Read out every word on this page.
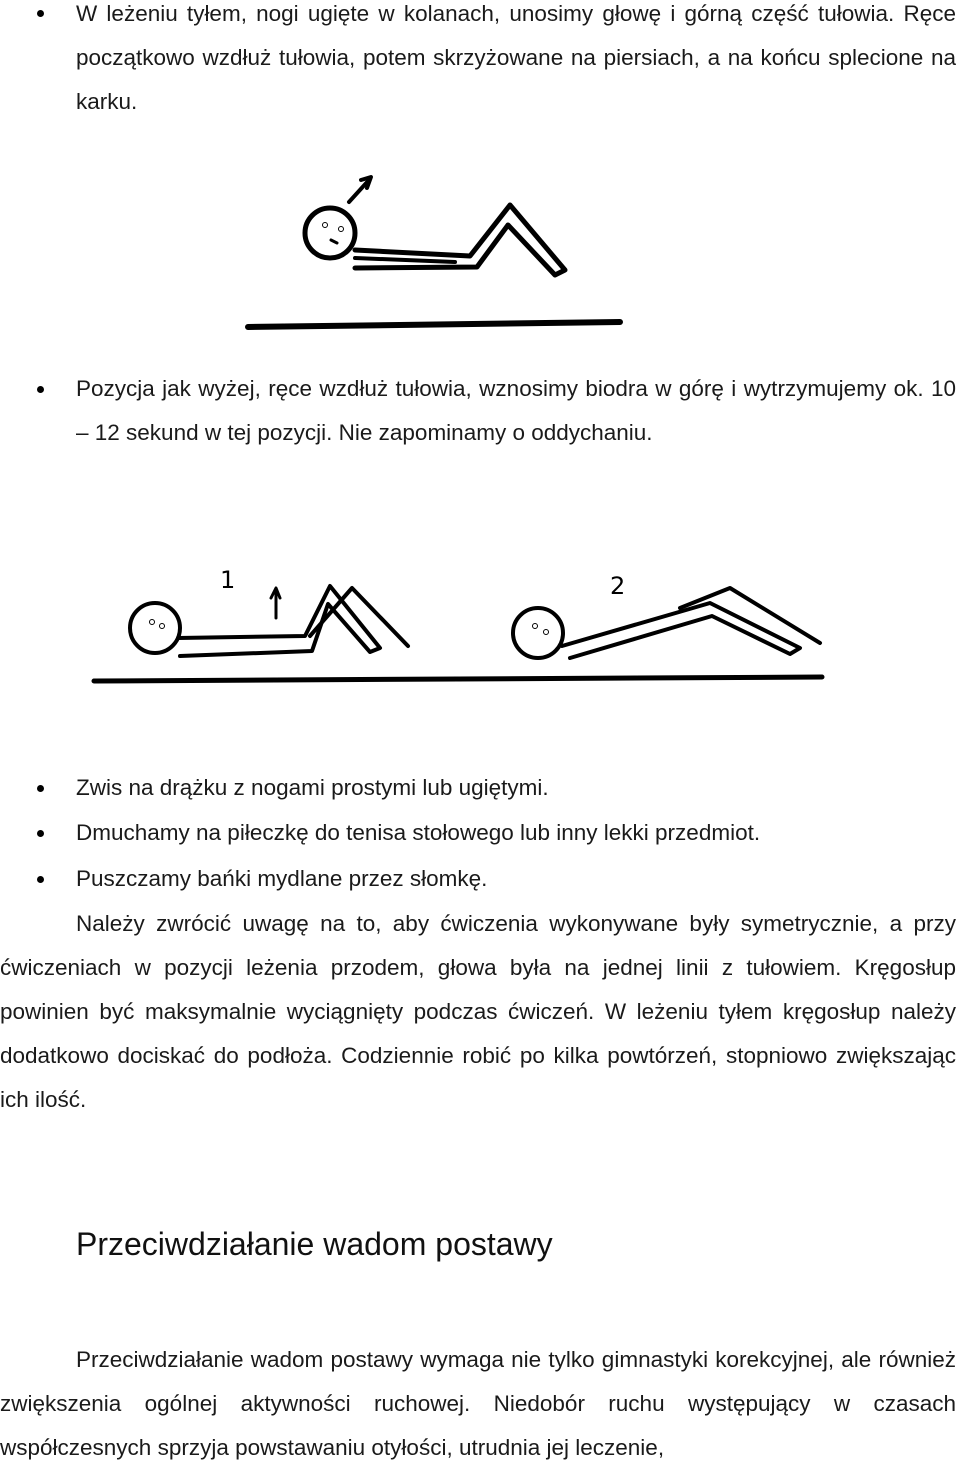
W leżeniu tyłem, nogi ugięte w kolanach, unosimy głowę i górną część tułowia. Ręce początkowo wzdłuż tułowia, potem skrzyżowane na piersiach, a na końcu splecione na karku.
Pozycja jak wyżej, ręce wzdłuż tułowia, wznosimy biodra w górę i wytrzymujemy ok. 10 – 12 sekund w tej pozycji. Nie zapominamy o oddychaniu.
1	2
Zwis na drążku z nogami prostymi lub ugiętymi.
Dmuchamy na piłeczkę do tenisa stołowego lub inny lekki przedmiot.
Puszczamy bańki mydlane przez słomkę.
Należy zwrócić uwagę na to, aby ćwiczenia wykonywane były symetrycznie, a przy ćwiczeniach w pozycji leżenia przodem, głowa była na jednej linii z tułowiem. Kręgosłup powinien być maksymalnie wyciągnięty podczas ćwiczeń. W leżeniu tyłem kręgosłup należy dodatkowo dociskać do podłoża. Codziennie robić po kilka powtórzeń, stopniowo zwiększając ich ilość.
Przeciwdziałanie wadom postawy
Przeciwdziałanie wadom postawy wymaga nie tylko gimnastyki korekcyjnej, ale również zwiększenia ogólnej aktywności ruchowej. Niedobór ruchu występujący w czasach współczesnych sprzyja powstawaniu otyłości, utrudnia jej leczenie,
